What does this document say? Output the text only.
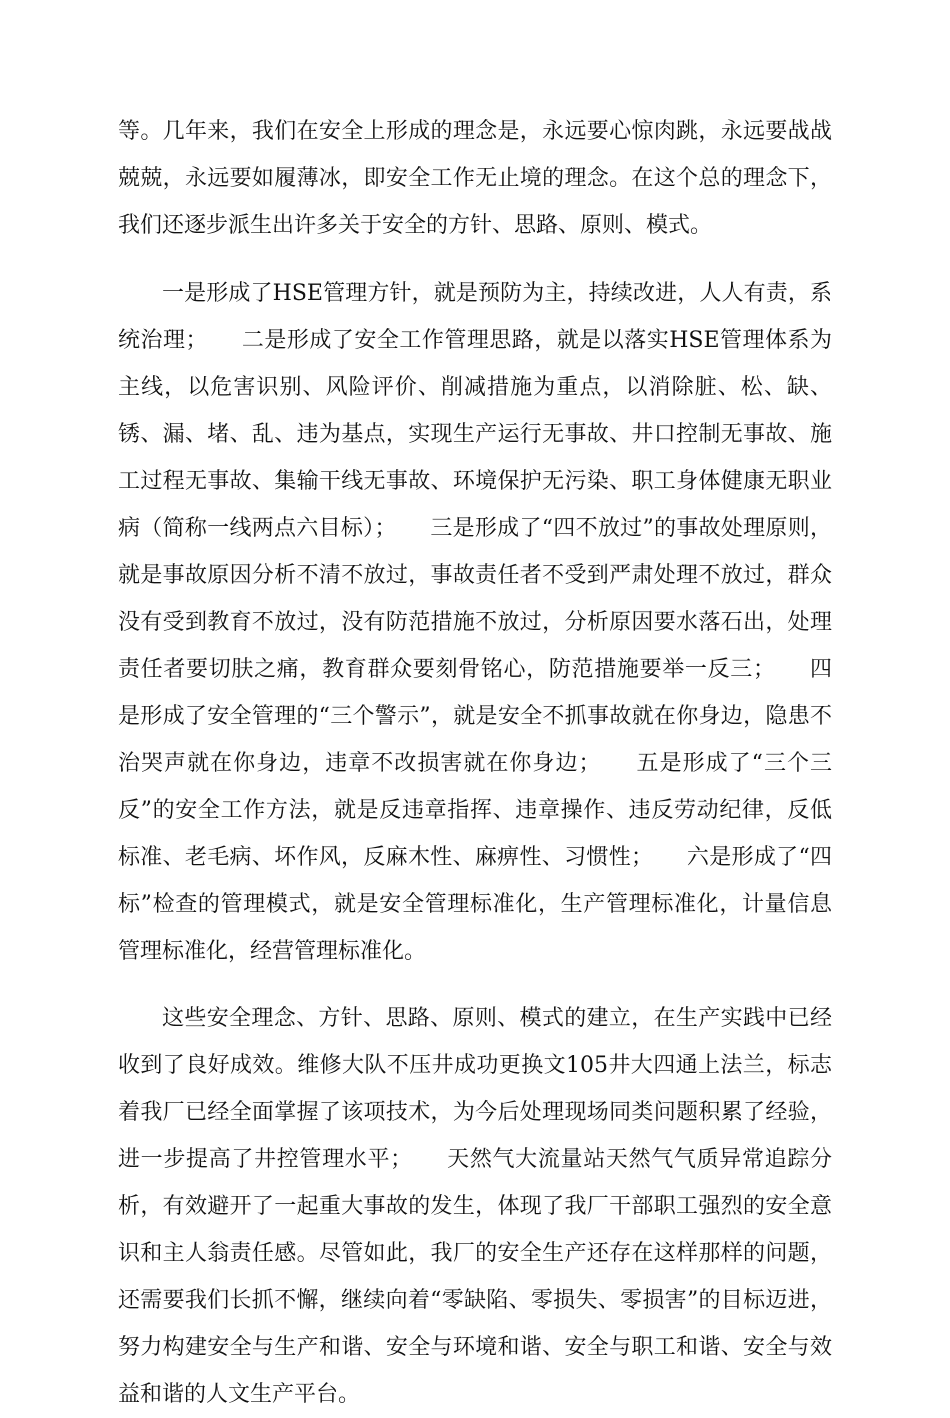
等。几年来，我们在安全上形成的理念是，永远要心惊肉跳，永远要战战兢兢，永远要如履薄冰，即安全工作无止境的理念。在这个总的理念下，我们还逐步派生出许多关于安全的方针、思路、原则、模式。

一是形成了HSE管理方针，就是预防为主，持续改进，人人有责，系统治理；　　二是形成了安全工作管理思路，就是以落实HSE管理体系为主线，以危害识别、风险评价、削减措施为重点，以消除脏、松、缺、锈、漏、堵、乱、违为基点，实现生产运行无事故、井口控制无事故、施工过程无事故、集输干线无事故、环境保护无污染、职工身体健康无职业病（简称一线两点六目标）；　　三是形成了“四不放过”的事故处理原则，就是事故原因分析不清不放过，事故责任者不受到严肃处理不放过，群众没有受到教育不放过，没有防范措施不放过，分析原因要水落石出，处理责任者要切肤之痛，教育群众要刻骨铭心，防范措施要举一反三；　　四是形成了安全管理的“三个警示”，就是安全不抓事故就在你身边，隐患不治哭声就在你身边，违章不改损害就在你身边；　　五是形成了“三个三反”的安全工作方法，就是反违章指挥、违章操作、违反劳动纪律，反低标准、老毛病、坏作风，反麻木性、麻痹性、习惯性；　　六是形成了“四标”检查的管理模式，就是安全管理标准化，生产管理标准化，计量信息管理标准化，经营管理标准化。

这些安全理念、方针、思路、原则、模式的建立，在生产实践中已经收到了良好成效。维修大队不压井成功更换文105井大四通上法兰，标志着我厂已经全面掌握了该项技术，为今后处理现场同类问题积累了经验，进一步提高了井控管理水平；　　天然气大流量站天然气气质异常追踪分析，有效避开了一起重大事故的发生，体现了我厂干部职工强烈的安全意识和主人翁责任感。尽管如此，我厂的安全生产还存在这样那样的问题，还需要我们长抓不懈，继续向着“零缺陷、零损失、零损害”的目标迈进，努力构建安全与生产和谐、安全与环境和谐、安全与职工和谐、安全与效益和谐的人文生产平台。
